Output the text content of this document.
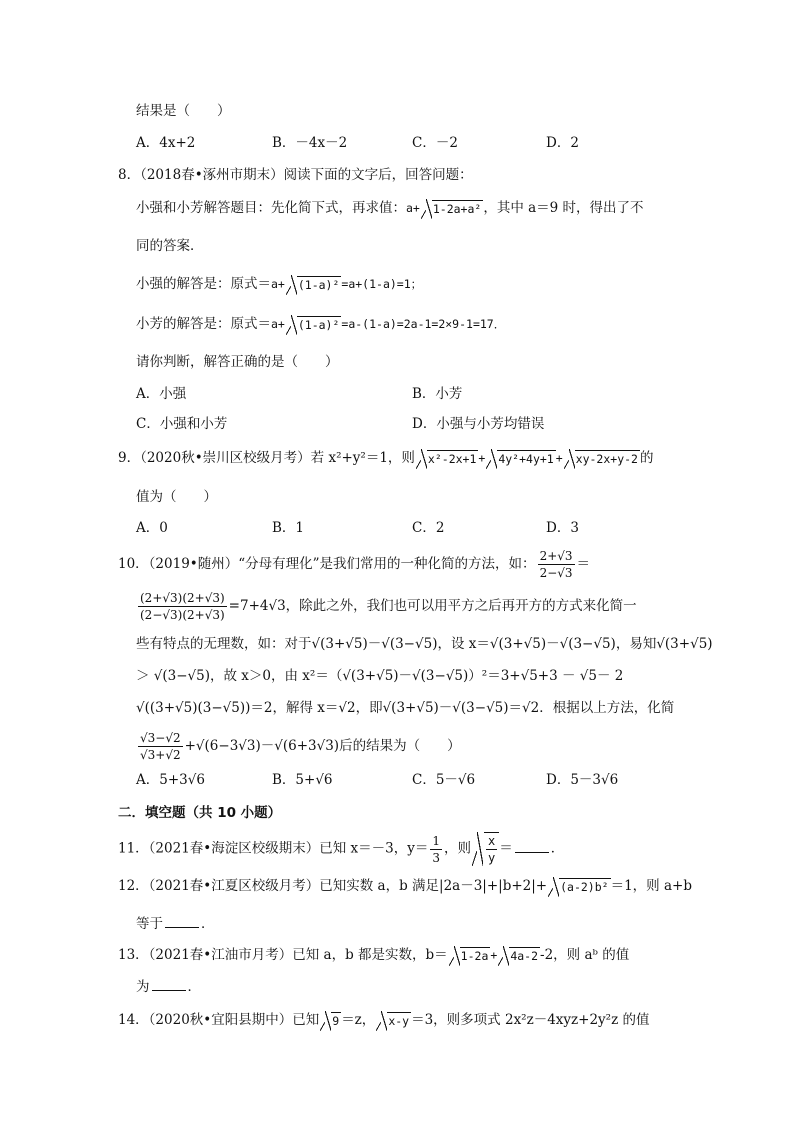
结果是（　　）
A．4x+2	B．－4x－2	C．－2	D．2
8．（2018春•涿州市期末）阅读下面的文字后，回答问题：
小强和小芳解答题目：先化简下式，再求值：a+ 1-2a+a² ，其中 a＝9 时，得出了不
同的答案．
小强的解答是：原式＝a+ (1-a)² =a+(1-a)=1；
小芳的解答是：原式＝a+ (1-a)² =a-(1-a)=2a-1=2×9-1=17．
请你判断，解答正确的是（　　）
A．小强	B．小芳
C．小强和小芳	D．小强与小芳均错误
9．（2020秋•崇川区校级月考）若 x²+y²＝1，则 x²-2x+1 + 4y²+4y+1 + xy-2x+y-2 的
值为（　　）
A．0	B．1	C．2	D．3
10．（2019•随州）“分母有理化”是我们常用的一种化简的方法，如： $\frac{2+√3}{2-√3}$ ＝
$\frac{(2+√3)(2+√3)}{(2-√3)(2+√3)} =7+4√3$，除此之外，我们也可以用平方之后再开方的方式来化简一
些有特点的无理数，如：对于√(3+√5)－√(3−√5)，设 x＝√(3+√5)－√(3−√5)，易知√(3+√5)
＞ √(3−√5)，故 x＞0，由 x²＝（√(3+√5)－√(3−√5)）²＝3+√5+3 － √5－ 2
√((3+√5)(3−√5))＝2，解得 x＝√2，即√(3+√5)－√(3−√5)＝√2．根据以上方法，化简
$\frac{√3-√2}{√3+√2} +√(6-3√3)-√(6+3√3)$后的结果为（　　）
A．5+3√6	B．5+√6	C．5－√6	D．5－3√6
二．填空题（共 10 小题）
11．（2021春•海淀区校级期末）已知 x＝－3，$y= \frac{1}{3}$ ，则 $\frac{x}{y}$ ＝	．
12．（2021春•江夏区校级月考）已知实数 a，b 满足|2a－3|+|b+2|+ (a-2)b² ＝1，则 a+b
等于	．
13．（2021春•江油市月考）已知 a，b 都是实数，b＝ 1-2a + 4a-2 -2，则 aᵇ 的值
为	．
14．（2020秋•宜阳县期中）已知 9 ＝z， x-y ＝3，则多项式 2x²z－4xyz+2y²z 的值
